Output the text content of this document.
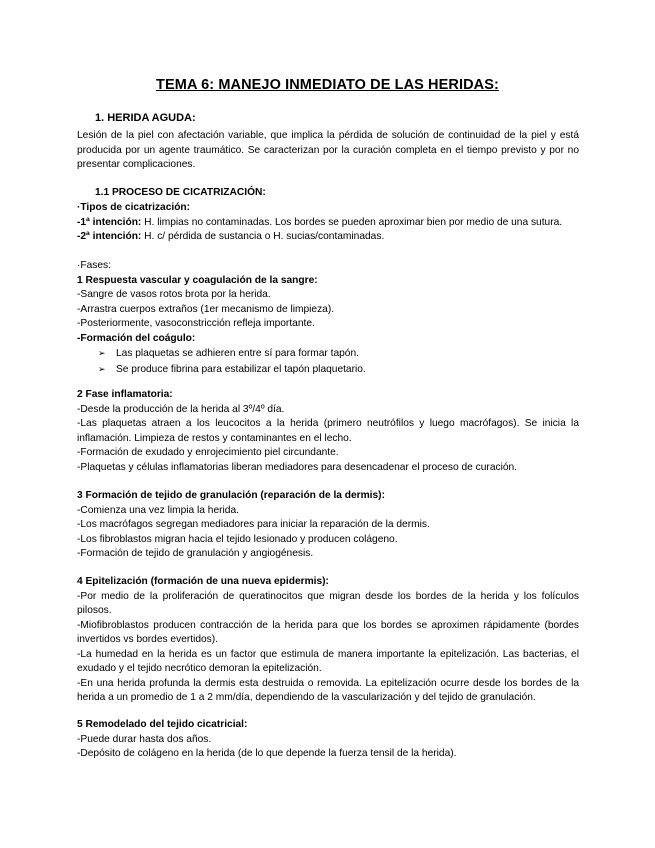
TEMA 6: MANEJO INMEDIATO DE LAS HERIDAS:
1. HERIDA AGUDA:
Lesión de la piel con afectación variable, que implica la pérdida de solución de continuidad de la piel y está producida por un agente traumático. Se caracterizan por la curación completa en el tiempo previsto y por no presentar complicaciones.
1.1 PROCESO DE CICATRIZACIÓN:
·Tipos de cicatrización:
-1ª intención: H. limpias no contaminadas. Los bordes se pueden aproximar bien por medio de una sutura.
-2ª intención: H. c/ pérdida de sustancia o H. sucias/contaminadas.
·Fases:
1 Respuesta vascular y coagulación de la sangre:
-Sangre de vasos rotos brota por la herida.
-Arrastra cuerpos extraños (1er mecanismo de limpieza).
-Posteriormente, vasoconstricción refleja importante.
-Formación del coágulo:
➢ Las plaquetas se adhieren entre sí para formar tapón.
➢ Se produce fibrina para estabilizar el tapón plaquetario.
2 Fase inflamatoria:
-Desde la producción de la herida al 3º/4º día.
-Las plaquetas atraen a los leucocitos a la herida (primero neutrófilos y luego macrófagos). Se inicia la inflamación. Limpieza de restos y contaminantes en el lecho.
-Formación de exudado y enrojecimiento piel circundante.
-Plaquetas y células inflamatorias liberan mediadores para desencadenar el proceso de curación.
3 Formación de tejido de granulación (reparación de la dermis):
-Comienza una vez limpia la herida.
-Los macrófagos segregan mediadores para iniciar la reparación de la dermis.
-Los fibroblastos migran hacia el tejido lesionado y producen colágeno.
-Formación de tejido de granulación y angiogénesis.
4 Epitelización (formación de una nueva epidermis):
-Por medio de la proliferación de queratinocitos que migran desde los bordes de la herida y los folículos pilosos.
-Miofibroblastos producen contracción de la herida para que los bordes se aproximen rápidamente (bordes invertidos vs bordes evertidos).
-La humedad en la herida es un factor que estimula de manera importante la epitelización. Las bacterias, el exudado y el tejido necrótico demoran la epitelización.
-En una herida profunda la dermis esta destruida o removida. La epitelización ocurre desde los bordes de la herida a un promedio de 1 a 2 mm/día, dependiendo de la vascularización y del tejido de granulación.
5 Remodelado del tejido cicatricial:
-Puede durar hasta dos años.
-Depósito de colágeno en la herida (de lo que depende la fuerza tensil de la herida).
